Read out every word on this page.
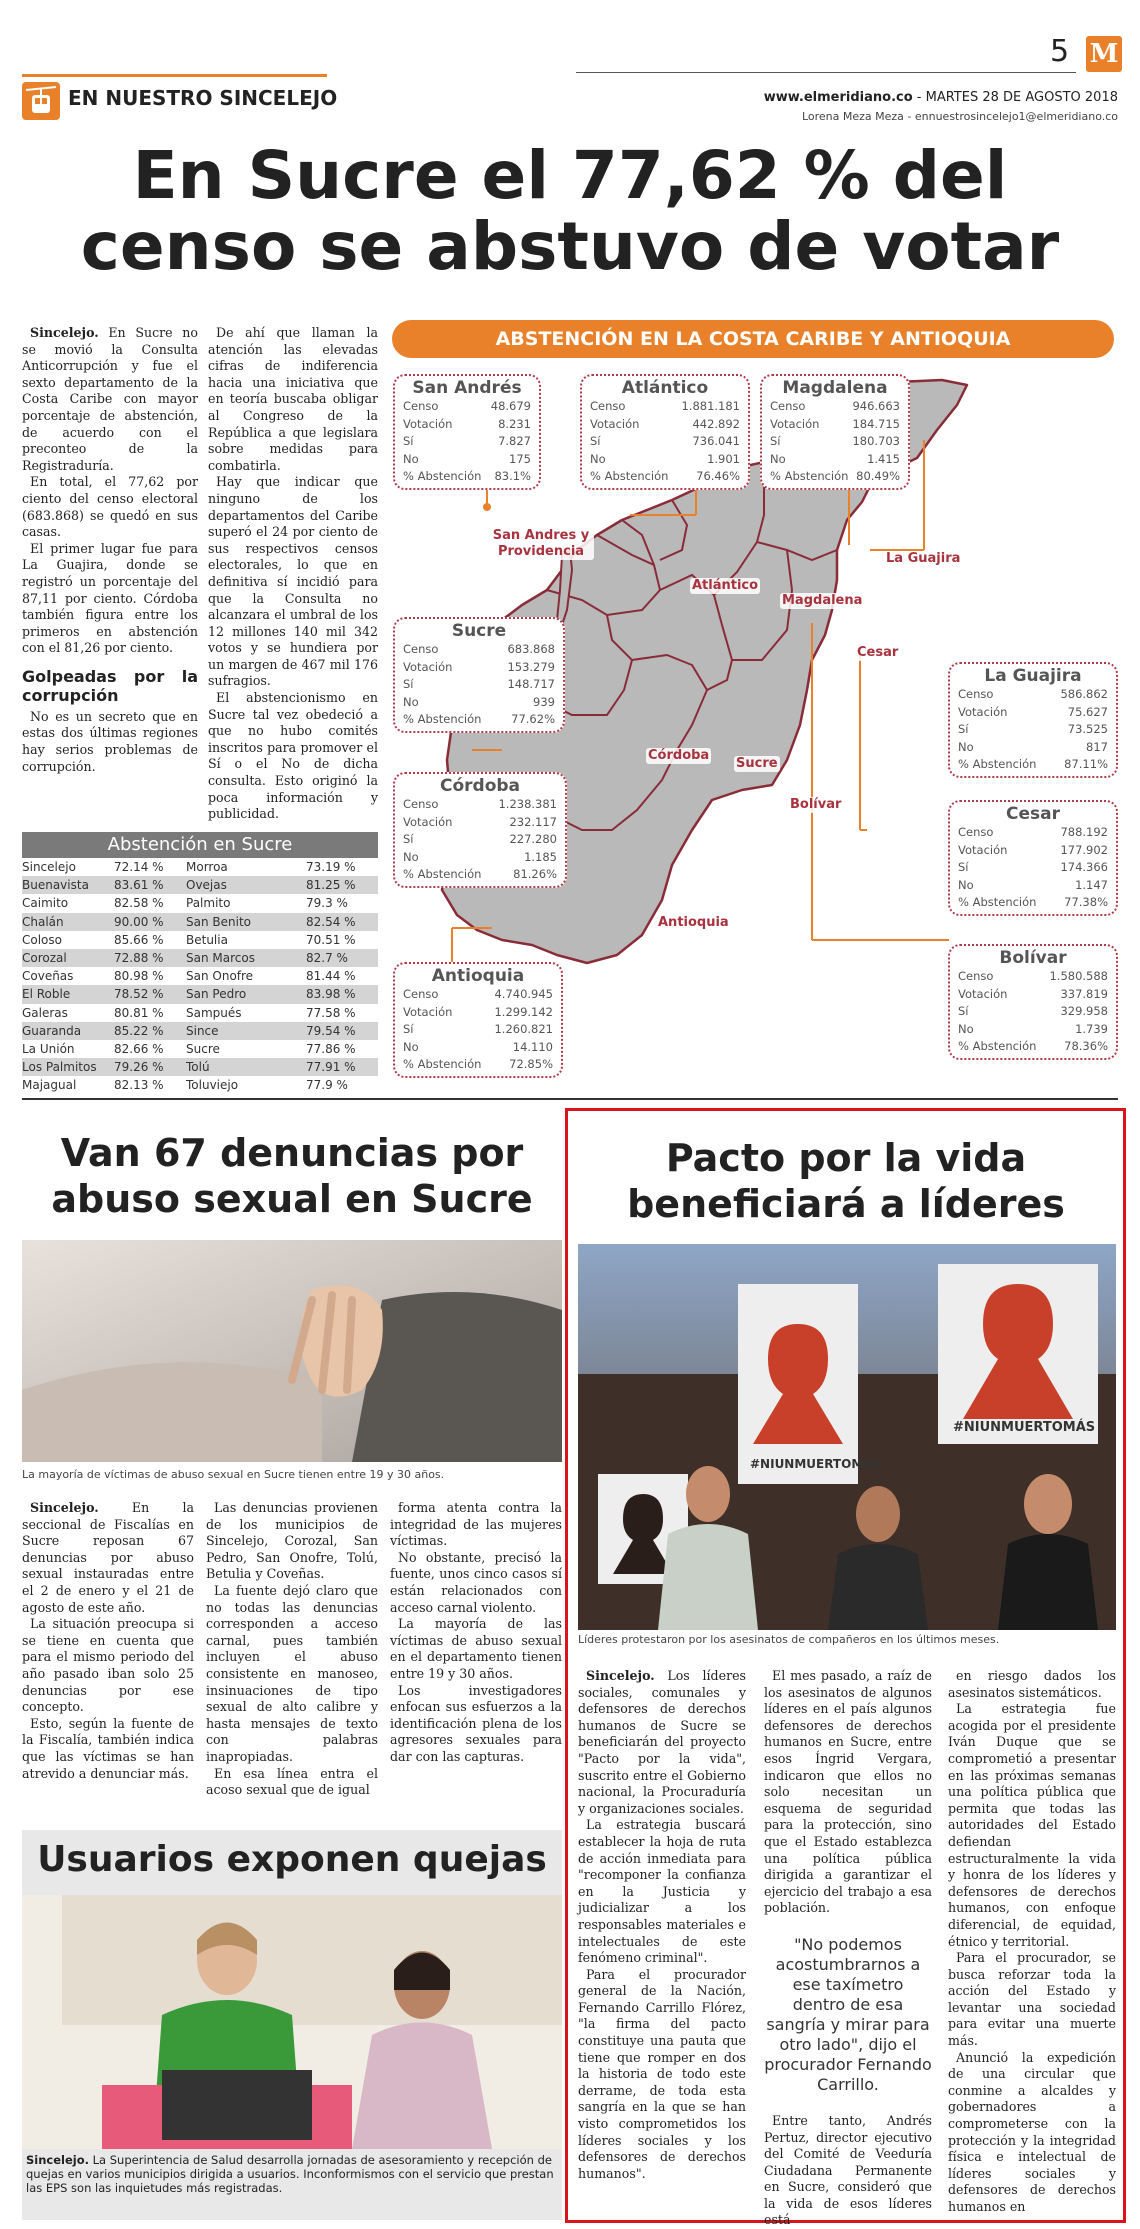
EN NUESTRO SINCELEJO
5 M
www.elmeridiano.co - MARTES 28 DE AGOSTO 2018
Lorena Meza Meza - ennuestrosincelejo1@elmeridiano.co
En Sucre el 77,62 % del
censo se abstuvo de votar

Sincelejo. En Sucre no se movió la Consulta Anticorrupción y fue el sexto departamento de la Costa Caribe con mayor porcentaje de abstención, de acuerdo con el preconteo de la Registraduría.

En total, el 77,62 por ciento del censo electoral (683.868) se quedó en sus casas.

El primer lugar fue para La Guajira, donde se registró un porcentaje del 87,11 por ciento. Córdoba también figura entre los primeros en abstención con el 81,26 por ciento.

Golpeadas por la corrupción

No es un secreto que en estas dos últimas regiones hay serios problemas de corrupción.

De ahí que llaman la atención las elevadas cifras de indiferencia hacia una iniciativa que en teoría buscaba obligar al Congreso de la República a que legislara sobre medidas para combatirla.

Hay que indicar que ninguno de los departamentos del Caribe superó el 24 por ciento de sus respectivos censos electorales, lo que en definitiva sí incidió para que la Consulta no alcanzara el umbral de los 12 millones 140 mil 342 votos y se hundiera por un margen de 467 mil 176 sufragios.

El abstencionismo en Sucre tal vez obedeció a que no hubo comités inscritos para promover el Sí o el No de dicha consulta. Esto originó la poca información y publicidad.

Abstención en Sucre
Sincelejo	72.14 %	Morroa	73.19 %
Buenavista	83.61 %	Ovejas	81.25 %
Caimito	82.58 %	Palmito	79.3 %
Chalán	90.00 %	San Benito	82.54 %
Coloso	85.66 %	Betulia	70.51 %
Corozal	72.88 %	San Marcos	82.7 %
Coveñas	80.98 %	San Onofre	81.44 %
El Roble	78.52 %	San Pedro	83.98 %
Galeras	80.81 %	Sampués	77.58 %
Guaranda	85.22 %	Since	79.54 %
La Unión	82.66 %	Sucre	77.86 %
Los Palmitos	79.26 %	Tolú	77.91 %
Majagual	82.13 %	Toluviejo	77.9 %
ABSTENCIÓN EN LA COSTA CARIBE Y ANTIOQUIA
San Andres y Providencia
Atlántico
Magdalena
La Guajira
Cesar
Córdoba
Sucre
Bolívar
Antioquia
San Andrés
Censo	48.679
Votación	8.231
Sí	7.827
No	175
% Abstención 83.1%
Atlántico
Censo	1.881.181
Votación	442.892
Sí	736.041
No	1.901
% Abstención 76.46%
Magdalena
Censo	946.663
Votación	184.715
Sí	180.703
No	1.415
% Abstención 80.49%
Sucre
Censo	683.868
Votación	153.279
Sí	148.717
No	939
% Abstención	77.62%
La Guajira
Censo	586.862
Votación	75.627
Sí	73.525
No	817
% Abstención 87.11%
Córdoba
Censo	1.238.381
Votación	232.117
Sí	227.280
No	1.185
% Abstención	81.26%
Cesar
Censo	788.192
Votación	177.902
Sí	174.366
No	1.147
% Abstención 77.38%
Antioquia
Censo	4.740.945
Votación	1.299.142
Sí	1.260.821
No	14.110
% Abstención 72.85%
Bolívar
Censo	1.580.588
Votación	337.819
Sí	329.958
No	1.739
% Abstención 78.36%
Van 67 denuncias por
abuso sexual en Sucre
La mayoría de víctimas de abuso sexual en Sucre tienen entre 19 y 30 años.

Sincelejo. En la seccional de Fiscalías en Sucre reposan 67 denuncias por abuso sexual instauradas entre el 2 de enero y el 21 de agosto de este año.

La situación preocupa si se tiene en cuenta que para el mismo periodo del año pasado iban solo 25 denuncias por ese concepto.

Esto, según la fuente de la Fiscalía, también indica que las víctimas se han atrevido a denunciar más.

Las denuncias provienen de los municipios de Sincelejo, Corozal, San Pedro, San Onofre, Tolú, Betulia y Coveñas.

La fuente dejó claro que no todas las denuncias corresponden a acceso carnal, pues también incluyen el abuso consistente en manoseo, insinuaciones de tipo sexual de alto calibre y hasta mensajes de texto con palabras inapropiadas.

En esa línea entra el acoso sexual que de igual

forma atenta contra la integridad de las mujeres víctimas.

No obstante, precisó la fuente, unos cinco casos sí están relacionados con acceso carnal violento.

La mayoría de las víctimas de abuso sexual en el departamento tienen entre 19 y 30 años.

Los investigadores enfocan sus esfuerzos a la identificación plena de los agresores sexuales para dar con las capturas.

Usuarios exponen quejas
Sincelejo. La Superintencia de Salud desarrolla jornadas de asesoramiento y recepción de quejas en varios municipios dirigida a usuarios. Inconformismos con el servicio que prestan las EPS son las inquietudes más registradas.
Pacto por la vida
beneficiará a líderes
#NIUNMUERTOMÁS
#NIUNMUERTOMÁS
Líderes protestaron por los asesinatos de compañeros en los últimos meses.

Sincelejo. Los líderes sociales, comunales y defensores de derechos humanos de Sucre se beneficiarán del proyecto "Pacto por la vida", suscrito entre el Gobierno nacional, la Procuraduría y organizaciones sociales.

La estrategia buscará establecer la hoja de ruta de acción inmediata para "recomponer la confianza en la Justicia y judicializar a los responsables materiales e intelectuales de este fenómeno criminal".

Para el procurador general de la Nación, Fernando Carrillo Flórez, "la firma del pacto constituye una pauta que tiene que romper en dos la historia de todo este derrame, de toda esta sangría en la que se han visto comprometidos los líderes sociales y los defensores de derechos humanos".

El mes pasado, a raíz de los asesinatos de algunos líderes en el país algunos defensores de derechos humanos en Sucre, entre esos Íngrid Vergara, indicaron que ellos no solo necesitan un esquema de seguridad para la protección, sino que el Estado establezca una política pública dirigida a garantizar el ejercicio del trabajo a esa población.

"No podemos acostumbrarnos a ese taxímetro dentro de esa sangría y mirar para otro lado", dijo el procurador Fernando Carrillo.

Entre tanto, Andrés Pertuz, director ejecutivo del Comité de Veeduría Ciudadana Permanente en Sucre, consideró que la vida de esos líderes está

en riesgo dados los asesinatos sistemáticos.

La estrategia fue acogida por el presidente Iván Duque que se comprometió a presentar en las próximas semanas una política pública que permita que todas las autoridades del Estado defiendan estructuralmente la vida y honra de los líderes y defensores de derechos humanos, con enfoque diferencial, de equidad, étnico y territorial.

Para el procurador, se busca reforzar toda la acción del Estado y levantar una sociedad para evitar una muerte más.

Anunció la expedición de una circular que conmine a alcaldes y gobernadores a comprometerse con la protección y la integridad física e intelectual de líderes sociales y defensores de derechos humanos en
